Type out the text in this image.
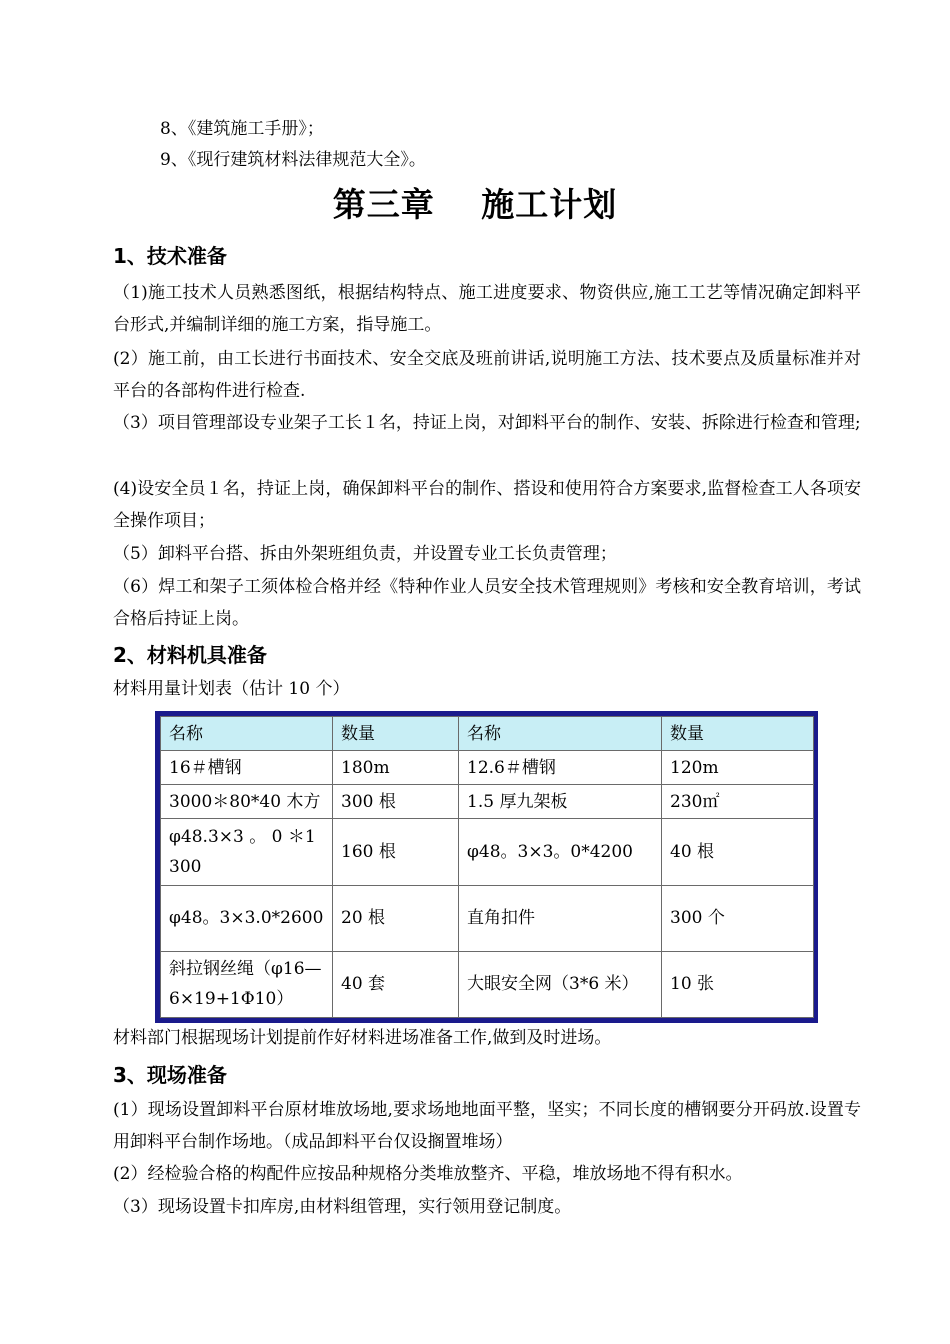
8、《建筑施工手册》；
9、《现行建筑材料法律规范大全》。
第三章　 施工计划
1、技术准备
（1)施工技术人员熟悉图纸，根据结构特点、施工进度要求、物资供应,施工工艺等情况确定卸料平台形式,并编制详细的施工方案，指导施工。
(2）施工前，由工长进行书面技术、安全交底及班前讲话,说明施工方法、技术要点及质量标准并对平台的各部构件进行检查.
（3）项目管理部设专业架子工长１名，持证上岗，对卸料平台的制作、安装、拆除进行检查和管理;
(4)设安全员１名，持证上岗，确保卸料平台的制作、搭设和使用符合方案要求,监督检查工人各项安全操作项目；
（5）卸料平台搭、拆由外架班组负责，并设置专业工长负责管理；
（6）焊工和架子工须体检合格并经《特种作业人员安全技术管理规则》考核和安全教育培训，考试合格后持证上岗。
2、材料机具准备
材料用量计划表（估计 10 个）
名称	数量	名称	数量
16＃槽钢	180m	12.6＃槽钢	120m
3000＊80*40 木方	300 根	1.5 厚九架板	230㎡
φ48.3×3 。 0 ＊1300	160 根	φ48。3×3。0*4200	40 根
φ48。3×3.0*2600	20 根	直角扣件	300 个
斜拉钢丝绳（φ16—6×19+1Φ10）	40 套	大眼安全网（3*6 米）	10 张
材料部门根据现场计划提前作好材料进场准备工作,做到及时进场。
3、现场准备
(1）现场设置卸料平台原材堆放场地,要求场地地面平整，坚实；不同长度的槽钢要分开码放.设置专用卸料平台制作场地。（成品卸料平台仅设搁置堆场）
(2）经检验合格的构配件应按品种规格分类堆放整齐、平稳，堆放场地不得有积水。
（3）现场设置卡扣库房,由材料组管理，实行领用登记制度。
